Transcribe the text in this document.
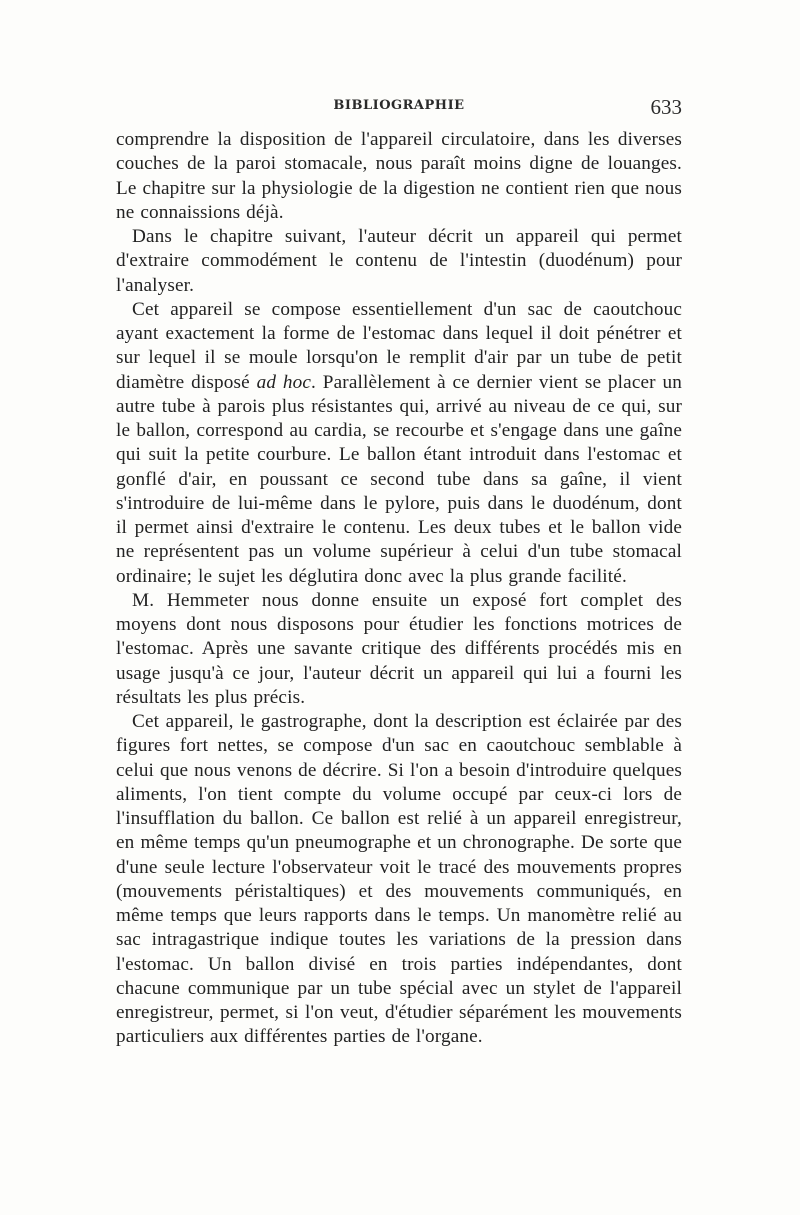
BIBLIOGRAPHIE	633

comprendre la disposition de l'appareil circulatoire, dans les diverses couches de la paroi stomacale, nous paraît moins digne de louanges. Le chapitre sur la physiologie de la digestion ne contient rien que nous ne connaissions déjà.

Dans le chapitre suivant, l'auteur décrit un appareil qui permet d'extraire commodément le contenu de l'intestin (duodénum) pour l'analyser.

Cet appareil se compose essentiellement d'un sac de caoutchouc ayant exactement la forme de l'estomac dans lequel il doit pénétrer et sur lequel il se moule lorsqu'on le remplit d'air par un tube de petit diamètre disposé ad hoc. Parallèlement à ce dernier vient se placer un autre tube à parois plus résistantes qui, arrivé au niveau de ce qui, sur le ballon, correspond au cardia, se recourbe et s'engage dans une gaîne qui suit la petite courbure. Le ballon étant introduit dans l'estomac et gonflé d'air, en poussant ce second tube dans sa gaîne, il vient s'introduire de lui-même dans le pylore, puis dans le duodénum, dont il permet ainsi d'extraire le contenu. Les deux tubes et le ballon vide ne représentent pas un volume supérieur à celui d'un tube stomacal ordinaire; le sujet les déglutira donc avec la plus grande facilité.

M. Hemmeter nous donne ensuite un exposé fort complet des moyens dont nous disposons pour étudier les fonctions motrices de l'estomac. Après une savante critique des différents procédés mis en usage jusqu'à ce jour, l'auteur décrit un appareil qui lui a fourni les résultats les plus précis.

Cet appareil, le gastrographe, dont la description est éclairée par des figures fort nettes, se compose d'un sac en caoutchouc semblable à celui que nous venons de décrire. Si l'on a besoin d'introduire quelques aliments, l'on tient compte du volume occupé par ceux-ci lors de l'insufflation du ballon. Ce ballon est relié à un appareil enregistreur, en même temps qu'un pneumographe et un chronographe. De sorte que d'une seule lecture l'observateur voit le tracé des mouvements propres (mouvements péristaltiques) et des mouvements communiqués, en même temps que leurs rapports dans le temps. Un manomètre relié au sac intragastrique indique toutes les variations de la pression dans l'estomac. Un ballon divisé en trois parties indépendantes, dont chacune communique par un tube spécial avec un stylet de l'appareil enregistreur, permet, si l'on veut, d'étudier séparément les mouvements particuliers aux différentes parties de l'organe.
